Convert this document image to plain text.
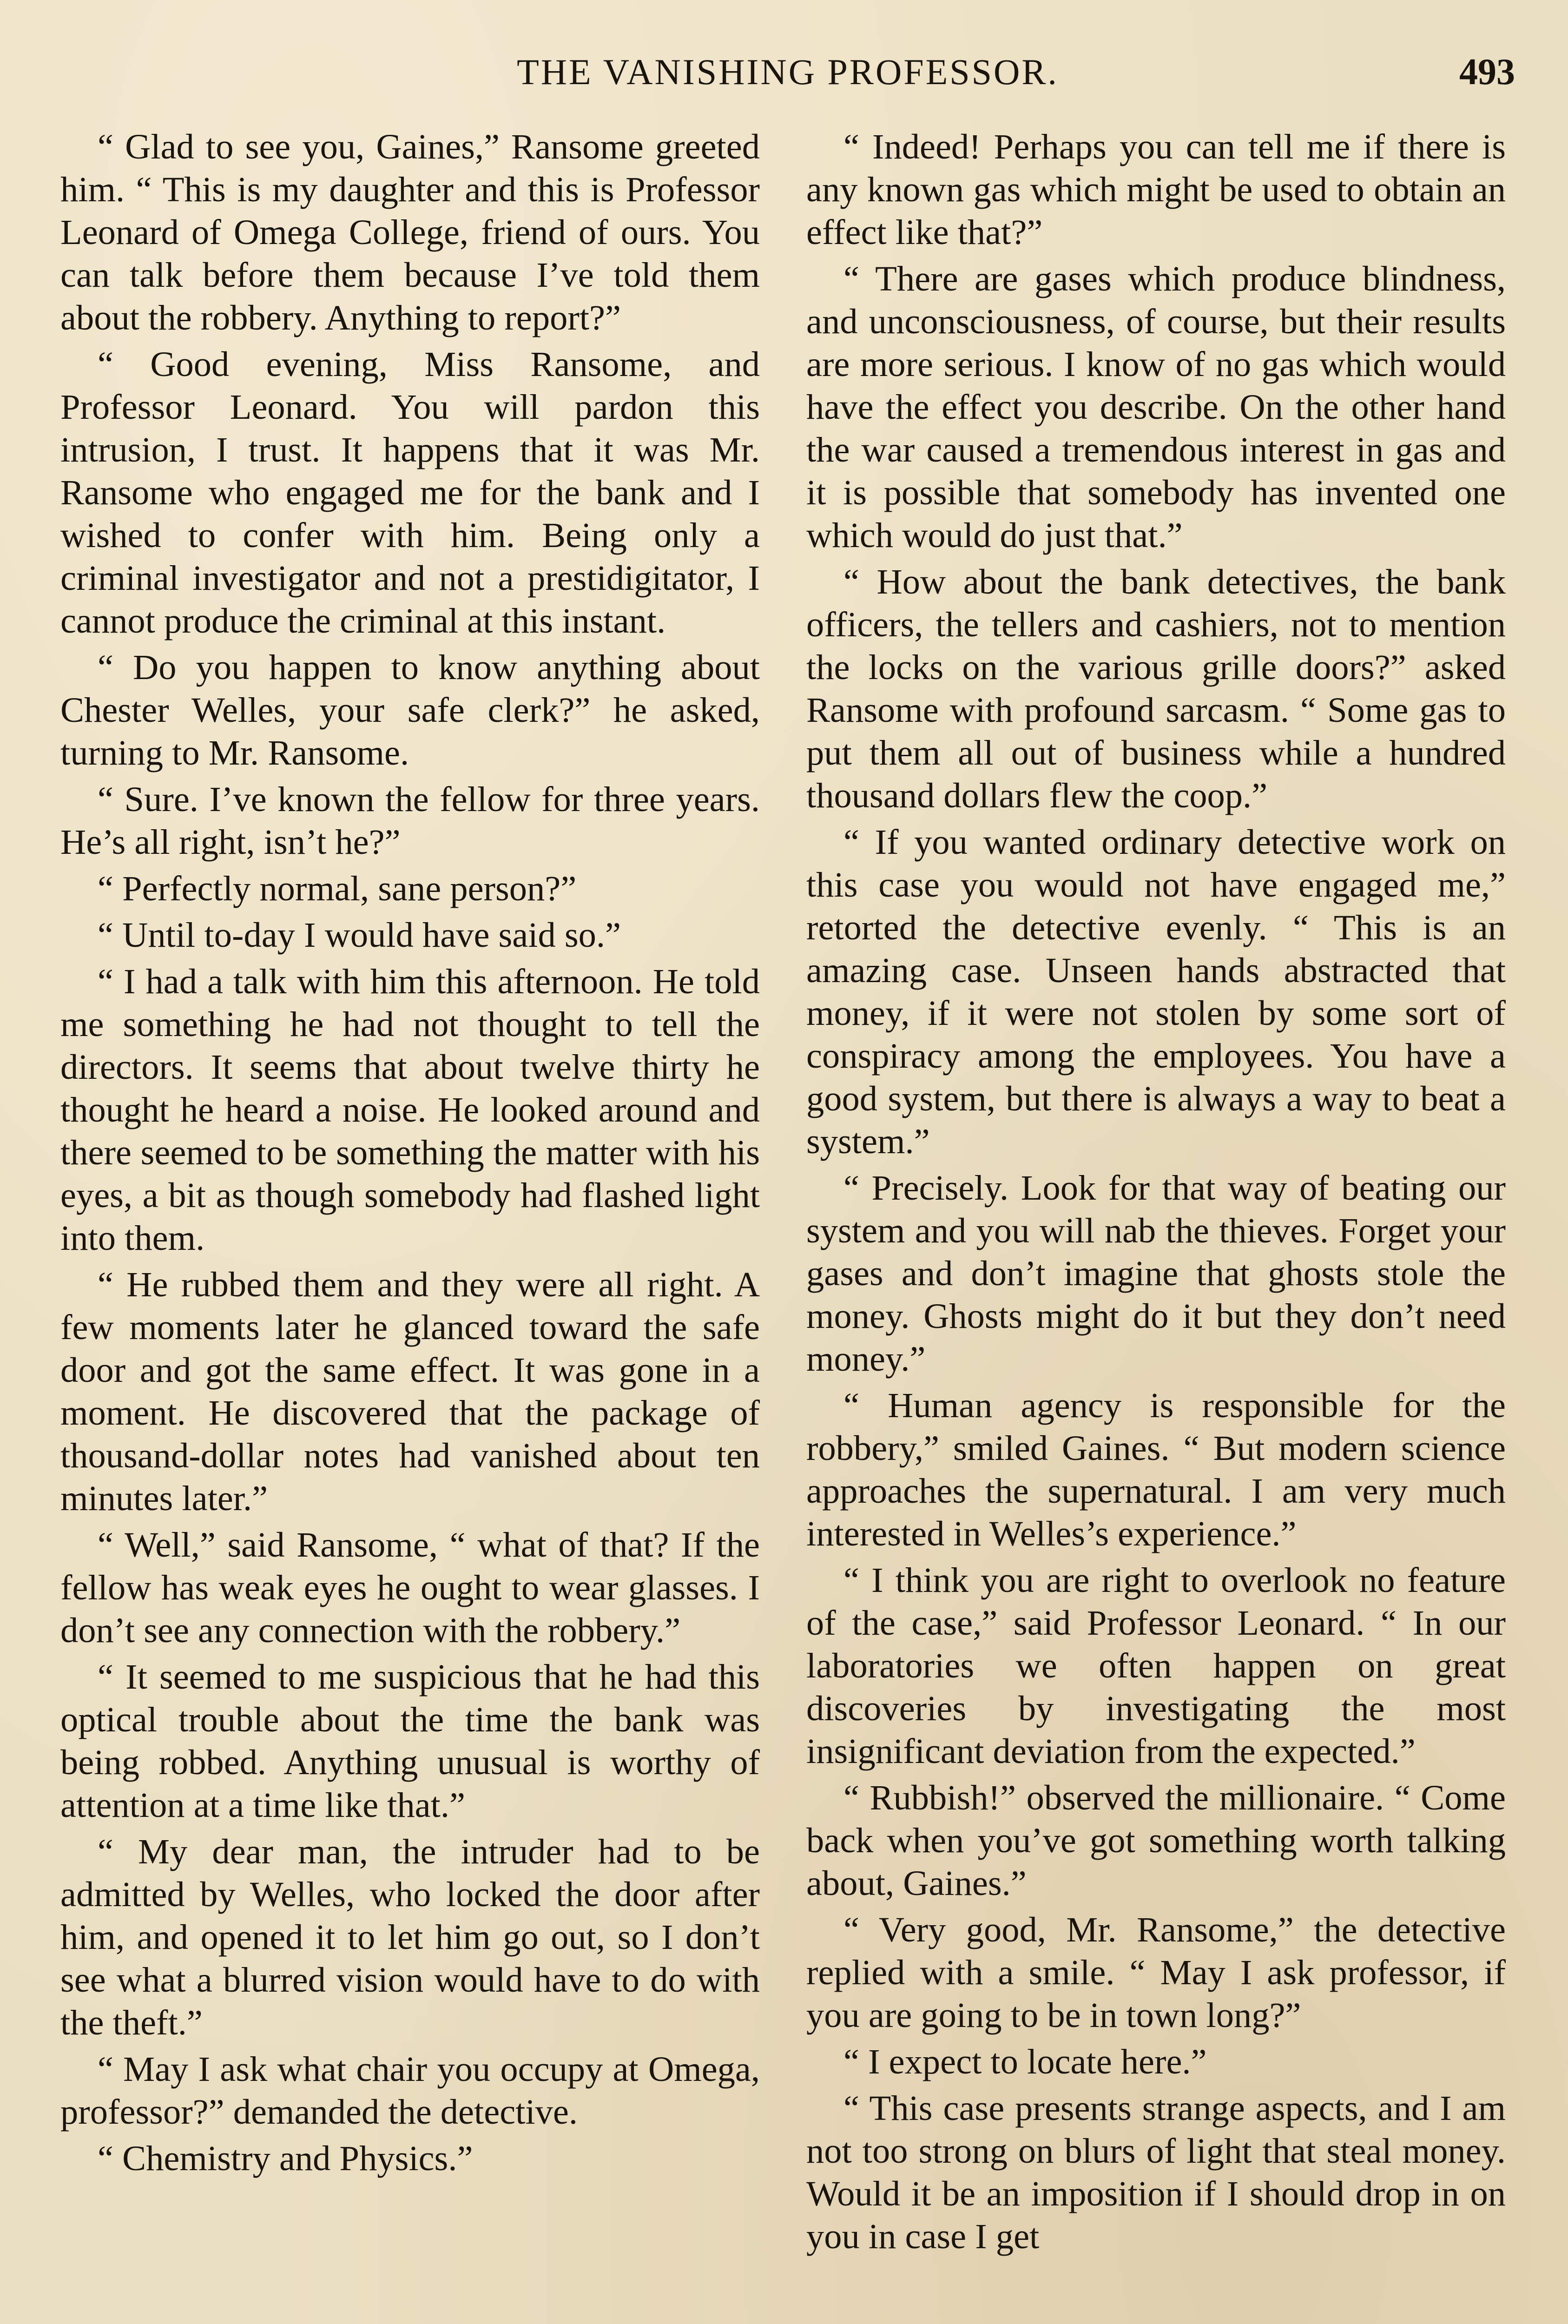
THE VANISHING PROFESSOR.	493

“ Glad to see you, Gaines,” Ransome greeted him. “ This is my daughter and this is Professor Leonard of Omega College, friend of ours. You can talk before them because I’ve told them about the robbery. Anything to report?”

“ Good evening, Miss Ransome, and Professor Leonard. You will pardon this intrusion, I trust. It happens that it was Mr. Ransome who engaged me for the bank and I wished to confer with him. Being only a criminal investigator and not a prestidigitator, I cannot produce the criminal at this instant.

“ Do you happen to know anything about Chester Welles, your safe clerk?” he asked, turning to Mr. Ransome.

“ Sure. I’ve known the fellow for three years. He’s all right, isn’t he?”

“ Perfectly normal, sane person?”

“ Until to-day I would have said so.”

“ I had a talk with him this afternoon. He told me something he had not thought to tell the directors. It seems that about twelve thirty he thought he heard a noise. He looked around and there seemed to be something the matter with his eyes, a bit as though somebody had flashed light into them.

“ He rubbed them and they were all right. A few moments later he glanced toward the safe door and got the same effect. It was gone in a moment. He discovered that the package of thousand-dollar notes had vanished about ten minutes later.”

“ Well,” said Ransome, “ what of that? If the fellow has weak eyes he ought to wear glasses. I don’t see any connection with the robbery.”

“ It seemed to me suspicious that he had this optical trouble about the time the bank was being robbed. Anything unusual is worthy of attention at a time like that.”

“ My dear man, the intruder had to be admitted by Welles, who locked the door after him, and opened it to let him go out, so I don’t see what a blurred vision would have to do with the theft.”

“ May I ask what chair you occupy at Omega, professor?” demanded the detective.

“ Chemistry and Physics.”

“ Indeed! Perhaps you can tell me if there is any known gas which might be used to obtain an effect like that?”

“ There are gases which produce blindness, and unconsciousness, of course, but their results are more serious. I know of no gas which would have the effect you describe. On the other hand the war caused a tremendous interest in gas and it is possible that somebody has invented one which would do just that.”

“ How about the bank detectives, the bank officers, the tellers and cashiers, not to mention the locks on the various grille doors?” asked Ransome with profound sarcasm. “ Some gas to put them all out of business while a hundred thousand dollars flew the coop.”

“ If you wanted ordinary detective work on this case you would not have engaged me,” retorted the detective evenly. “ This is an amazing case. Unseen hands abstracted that money, if it were not stolen by some sort of conspiracy among the employees. You have a good system, but there is always a way to beat a system.”

“ Precisely. Look for that way of beating our system and you will nab the thieves. Forget your gases and don’t imagine that ghosts stole the money. Ghosts might do it but they don’t need money.”

“ Human agency is responsible for the robbery,” smiled Gaines. “ But modern science approaches the supernatural. I am very much interested in Welles’s experience.”

“ I think you are right to overlook no feature of the case,” said Professor Leonard. “ In our laboratories we often happen on great discoveries by investigating the most insignificant deviation from the expected.”

“ Rubbish!” observed the millionaire. “ Come back when you’ve got something worth talking about, Gaines.”

“ Very good, Mr. Ransome,” the detective replied with a smile. “ May I ask professor, if you are going to be in town long?”

“ I expect to locate here.”

“ This case presents strange aspects, and I am not too strong on blurs of light that steal money. Would it be an imposition if I should drop in on you in case I get
